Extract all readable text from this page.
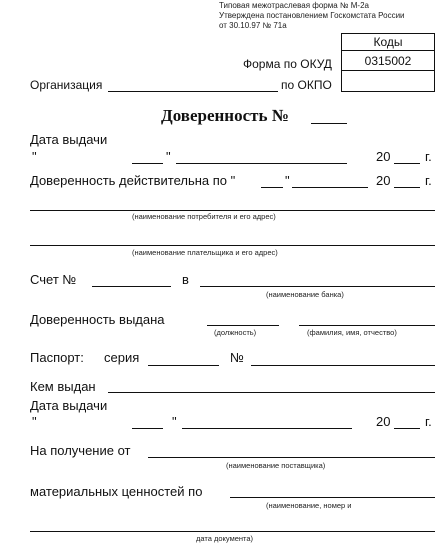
Типовая межотраслевая форма № М-2а
Утверждена постановлением Госкомстата России
от 30.10.97 № 71а
Коды
0315002

Форма по ОКУД
Организация	по ОКПО
Доверенность №
Дата выдачи
"	"	20	г.
Доверенность действительна по "	"	20	г.
(наименование потребителя и его адрес)
(наименование плательщика и его адрес)
Счет №	в
(наименование банка)
Доверенность выдана
(должность)	(фамилия, имя, отчество)
Паспорт: серия	№
Кем выдан
Дата выдачи
"	"	20	г.
На получение от
(наименование поставщика)
материальных ценностей по
(наименование, номер и
дата документа)
